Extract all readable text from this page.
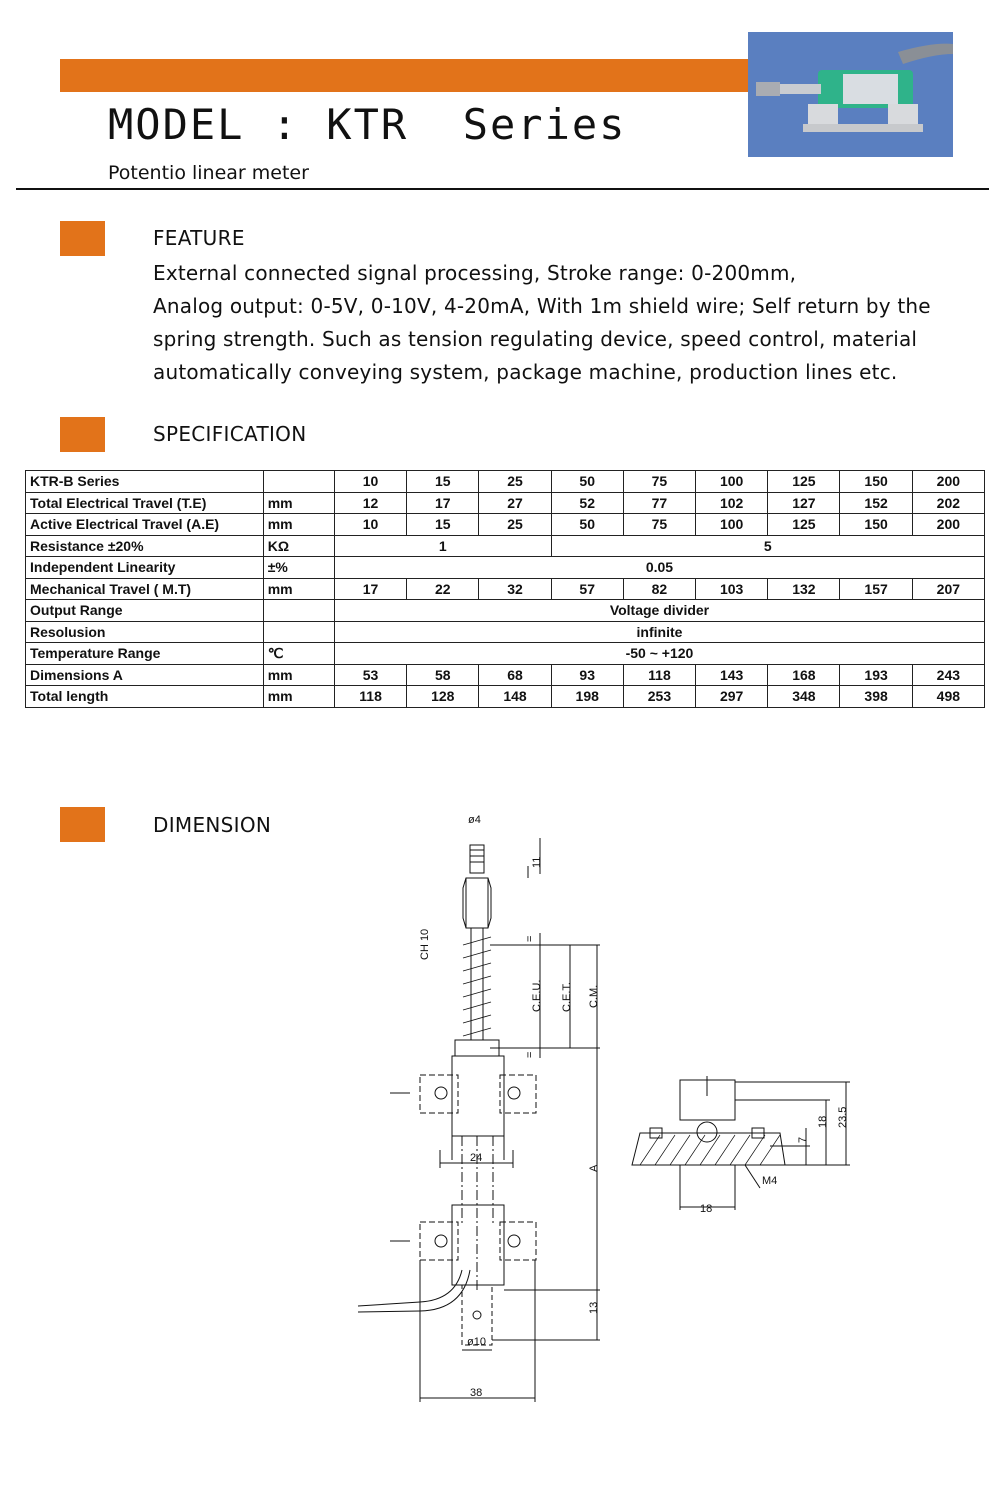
MODEL : KTR  Series
Potentio linear meter
FEATURE
External connected signal processing, Stroke range: 0-200mm,
Analog output: 0-5V, 0-10V, 4-20mA, With 1m shield wire; Self return by the
spring strength. Such as tension regulating device, speed control, material
automatically conveying system, package machine, production lines etc.
SPECIFICATION
KTR-B Series		10	15	25	50	75	100	125	150	200
Total Electrical Travel (T.E)	mm	12	17	27	52	77	102	127	152	202
Active Electrical Travel (A.E)	mm	10	15	25	50	75	100	125	150	200
Resistance ±20%	KΩ	1			5					
Independent Linearity	±%	0.05								
Mechanical Travel ( M.T)	mm	17	22	32	57	82	103	132	157	207
Output Range		Voltage divider								
Resolusion		infinite								
Temperature Range	℃	-50 ~ +120								
Dimensions A	mm	53	58	68	93	118	143	168	193	243
Total length	mm	118	128	148	198	253	297	348	398	498
DIMENSION	ø4
11
CH 10
C.E.U. C.E.T. C.M.
=
=
24
A
13
ø10
38
18 23.5
7
M4
18
